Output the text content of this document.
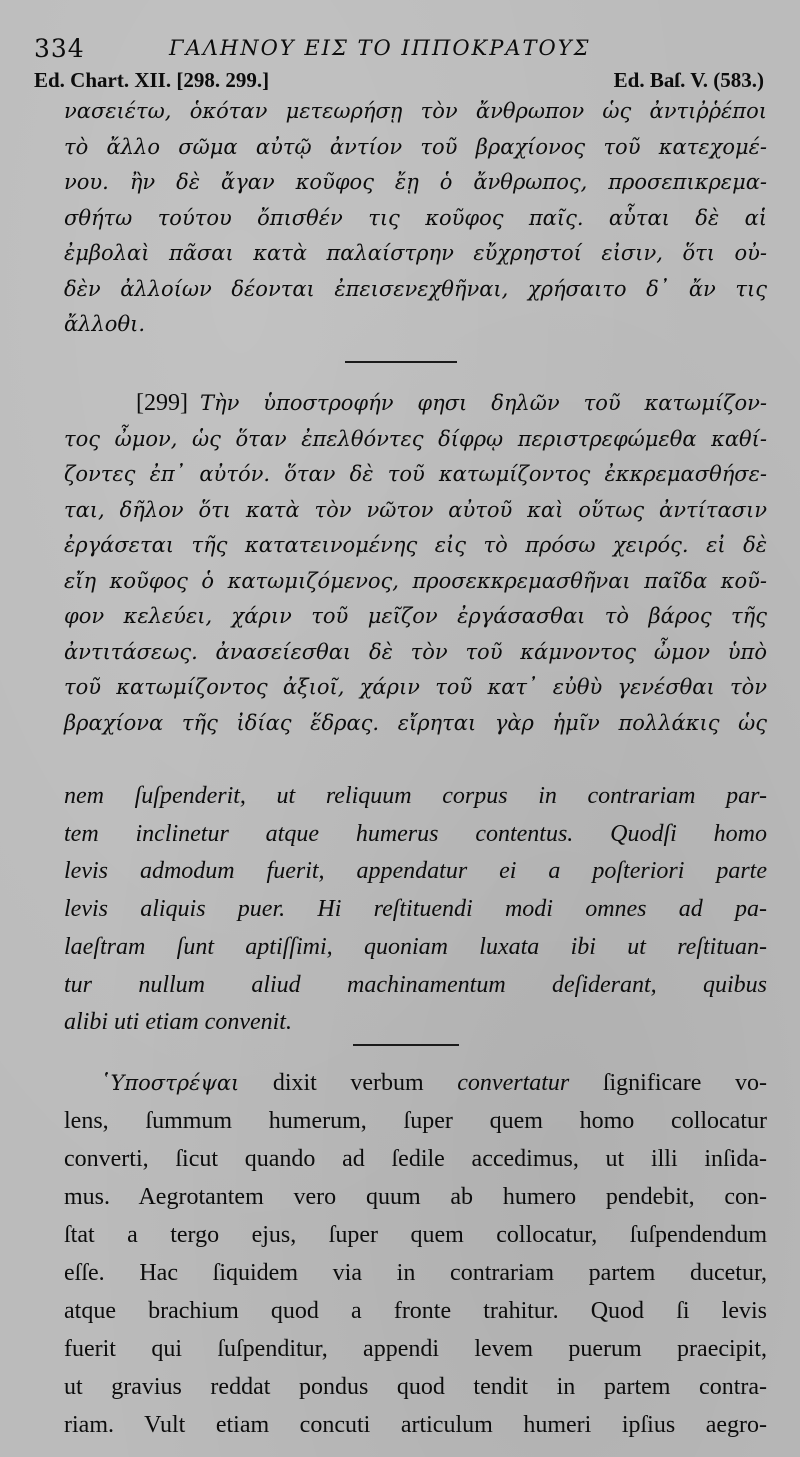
334	ΓΑΛΗΝΟΥ ΕΙΣ ΤΟ ΙΠΠΟΚΡΑΤΟΥΣ
Ed. Chart. XII. [298. 299.]	Ed. Baſ. V. (583.)
νασειέτω, ὁκόταν μετεωρήσῃ τὸν ἄνθρωπον ὡς ἀντιῤῥέποι
τὸ ἄλλο σῶμα αὐτῷ ἀντίον τοῦ βραχίονος τοῦ κατεχομέ-
νου. ἢν δὲ ἄγαν κοῦφος ἔῃ ὁ ἄνθρωπος, προσεπικρεμα-
σθήτω τούτου ὄπισθέν τις κοῦφος παῖς. αὗται δὲ αἱ
ἐμβολαὶ πᾶσαι κατὰ παλαίστρην εὔχρηστοί εἰσιν, ὅτι οὐ-
δὲν ἀλλοίων δέονται ἐπεισενεχθῆναι, χρήσαιτο δ᾽ ἄν τις
ἄλλοθι.
[299] Τὴν ὑποστροφήν φησι δηλῶν τοῦ κατωμίζον-
τος ὦμον, ὡς ὅταν ἐπελθόντες δίφρῳ περιστρεφώμεθα καθί-
ζοντες ἐπ᾽ αὐτόν. ὅταν δὲ τοῦ κατωμίζοντος ἐκκρεμασθήσε-
ται, δῆλον ὅτι κατὰ τὸν νῶτον αὐτοῦ καὶ οὕτως ἀντίτασιν
ἐργάσεται τῆς κατατεινομένης εἰς τὸ πρόσω χειρός. εἰ δὲ
εἴη κοῦφος ὁ κατωμιζόμενος, προσεκκρεμασθῆναι παῖδα κοῦ-
φον κελεύει, χάριν τοῦ μεῖζον ἐργάσασθαι τὸ βάρος τῆς
ἀντιτάσεως. ἀνασείεσθαι δὲ τὸν τοῦ κάμνοντος ὦμον ὑπὸ
τοῦ κατωμίζοντος ἀξιοῖ, χάριν τοῦ κατ᾽ εὐθὺ γενέσθαι τὸν
βραχίονα τῆς ἰδίας ἕδρας. εἴρηται γὰρ ἡμῖν πολλάκις ὡς
nem ſuſpenderit, ut reliquum corpus in contrariam par-
tem inclinetur atque humerus contentus. Quodſi homo
levis admodum fuerit, appendatur ei a poſteriori parte
levis aliquis puer. Hi reſtituendi modi omnes ad pa-
laeſtram ſunt aptiſſimi, quoniam luxata ibi ut reſtituan-
tur nullum aliud machinamentum deſiderant, quibus
alibi uti etiam convenit.
῾Υποστρέψαι dixit verbum convertatur ſignificare vo-
lens, ſummum humerum, ſuper quem homo collocatur
converti, ſicut quando ad ſedile accedimus, ut illi inſida-
mus. Aegrotantem vero quum ab humero pendebit, con-
ſtat a tergo ejus, ſuper quem collocatur, ſuſpendendum
eſſe. Hac ſiquidem via in contrariam partem ducetur,
atque brachium quod a fronte trahitur. Quod ſi levis
fuerit qui ſuſpenditur, appendi levem puerum praecipit,
ut gravius reddat pondus quod tendit in partem contra-
riam. Vult etiam concuti articulum humeri ipſius aegro-
